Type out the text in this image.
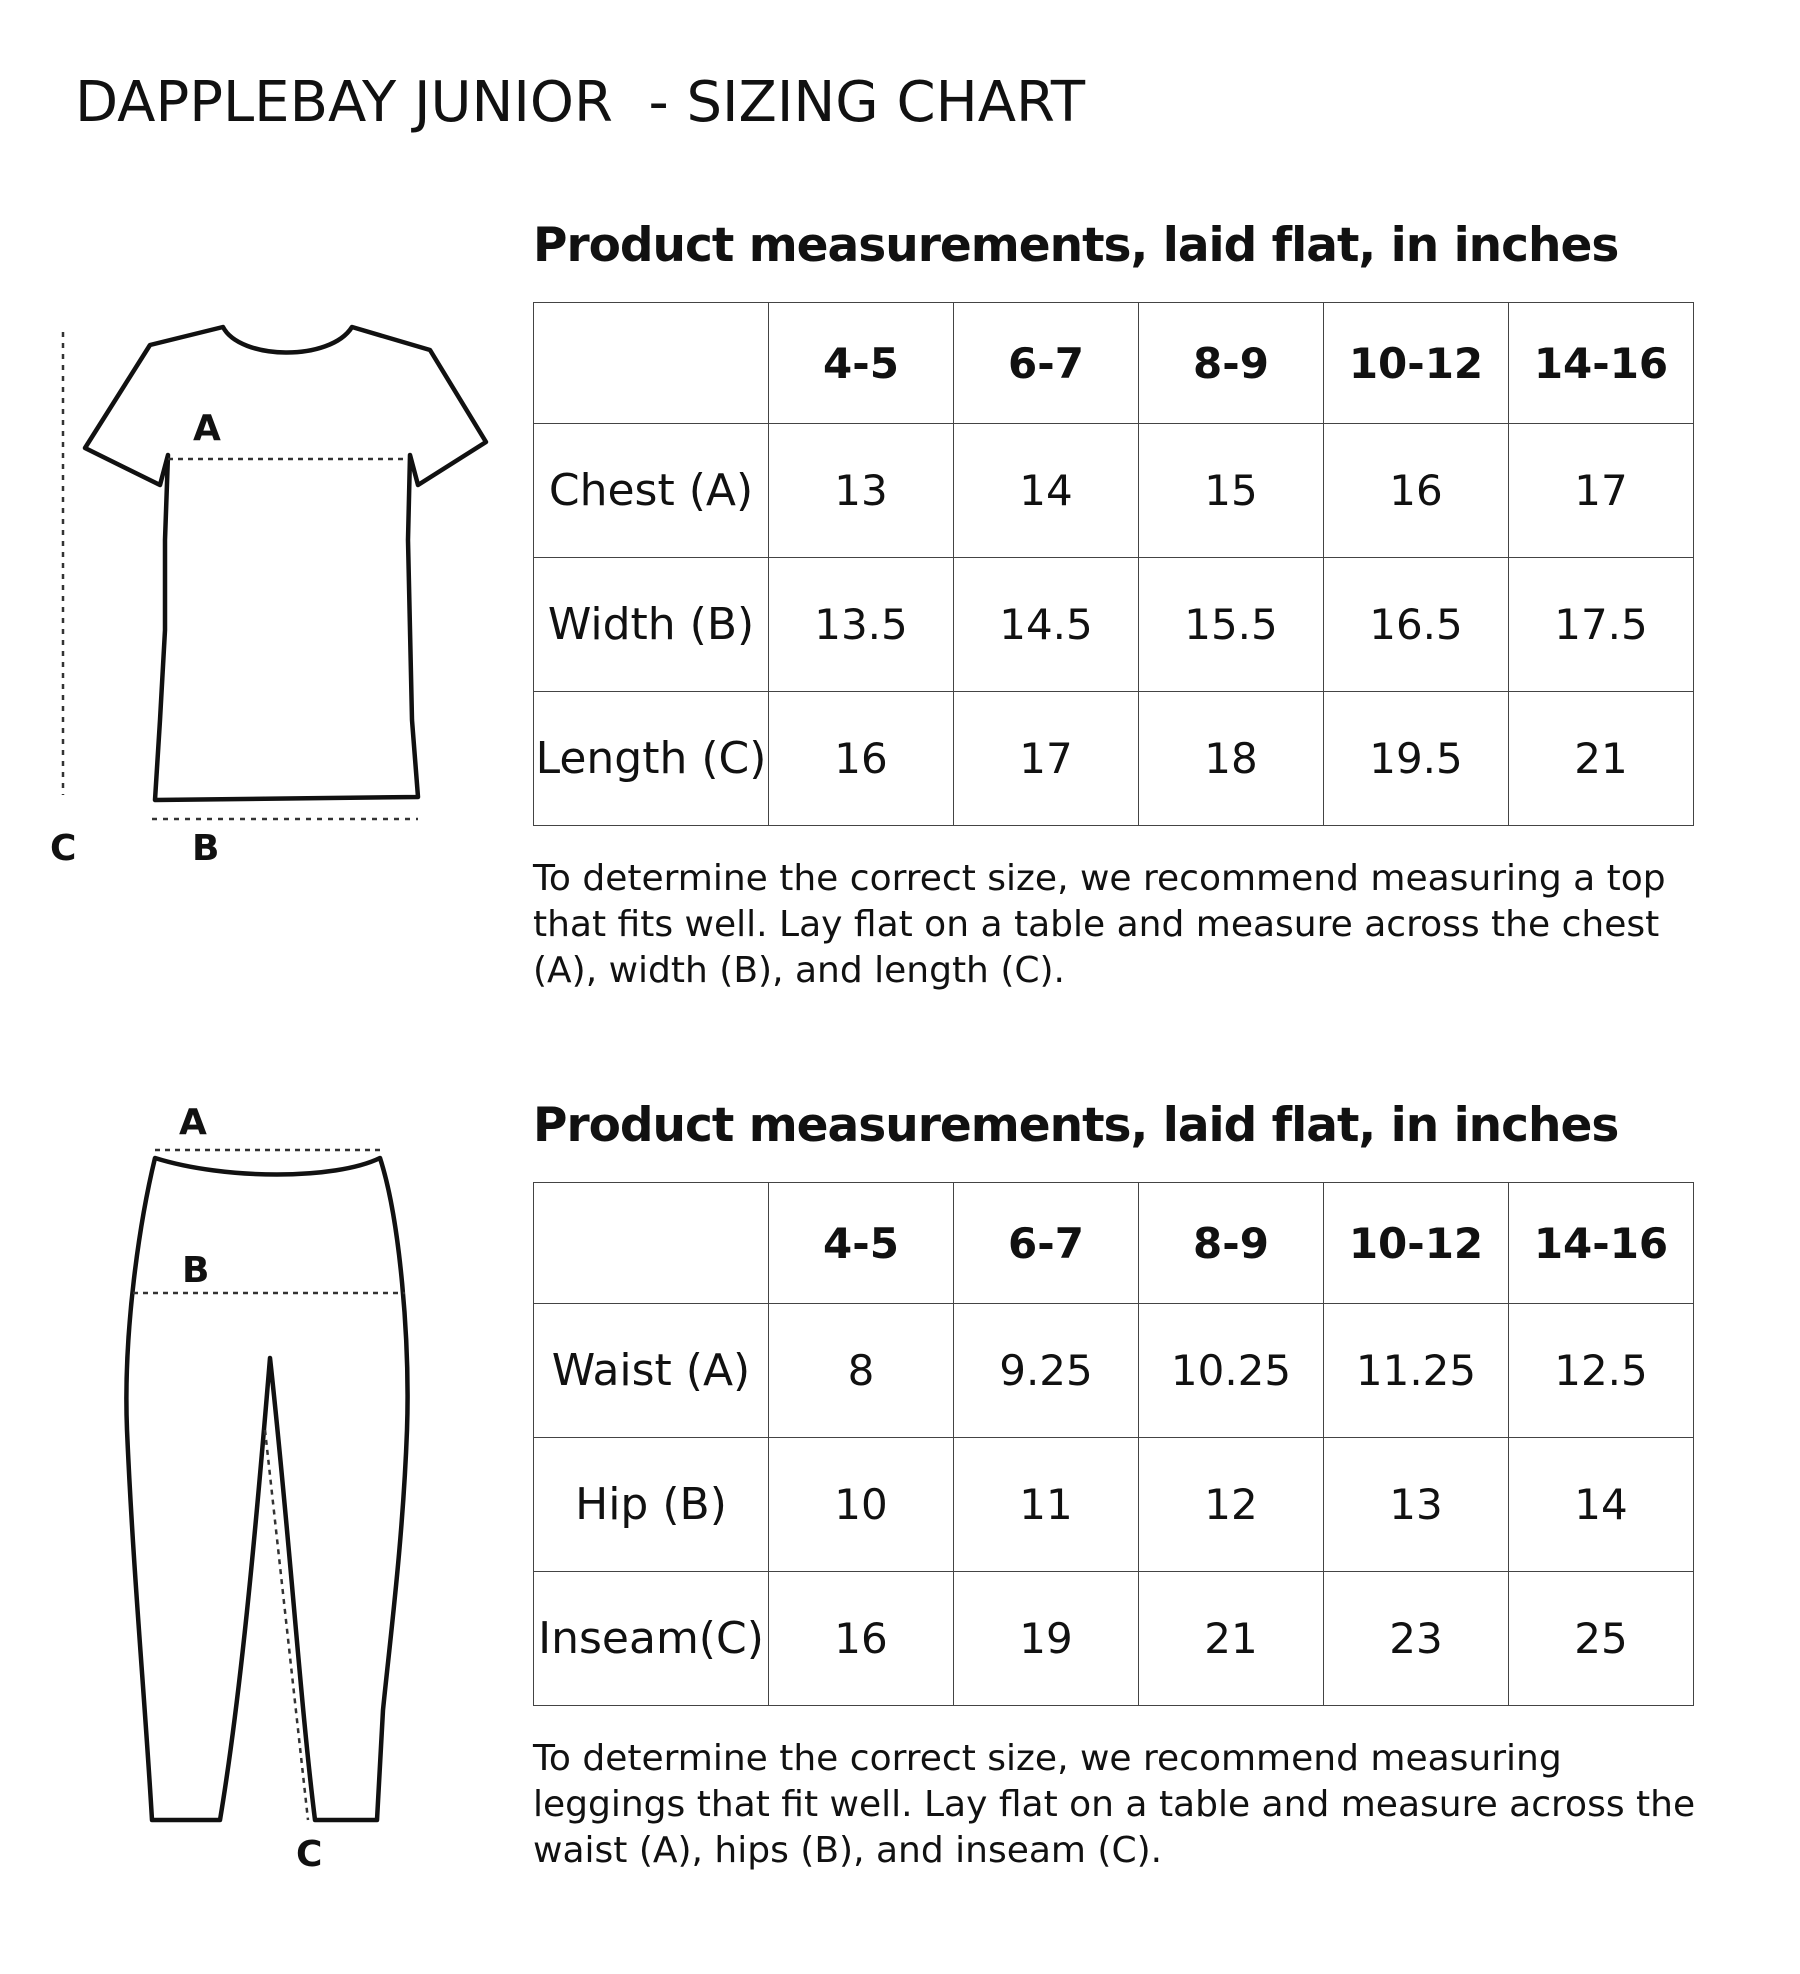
DAPPLEBAY JUNIOR  - SIZING CHART
A
C	B
Product measurements, laid flat, in inches
	4-5	6-7	8-9	10-12	14-16
Chest (A)	13	14	15	16	17
Width (B)	13.5	14.5	15.5	16.5	17.5
Length (C)	16	17	18	19.5	21
To determine the correct size, we recommend measuring a top that fits well. Lay flat on a table and measure across the chest (A), width (B), and length (C).
A
B
C
Product measurements, laid flat, in inches
	4-5	6-7	8-9	10-12	14-16
Waist (A)	8	9.25	10.25	11.25	12.5
Hip (B)	10	11	12	13	14
Inseam(C)	16	19	21	23	25
To determine the correct size, we recommend measuring leggings that fit well. Lay flat on a table and measure across the waist (A), hips (B), and inseam (C).
